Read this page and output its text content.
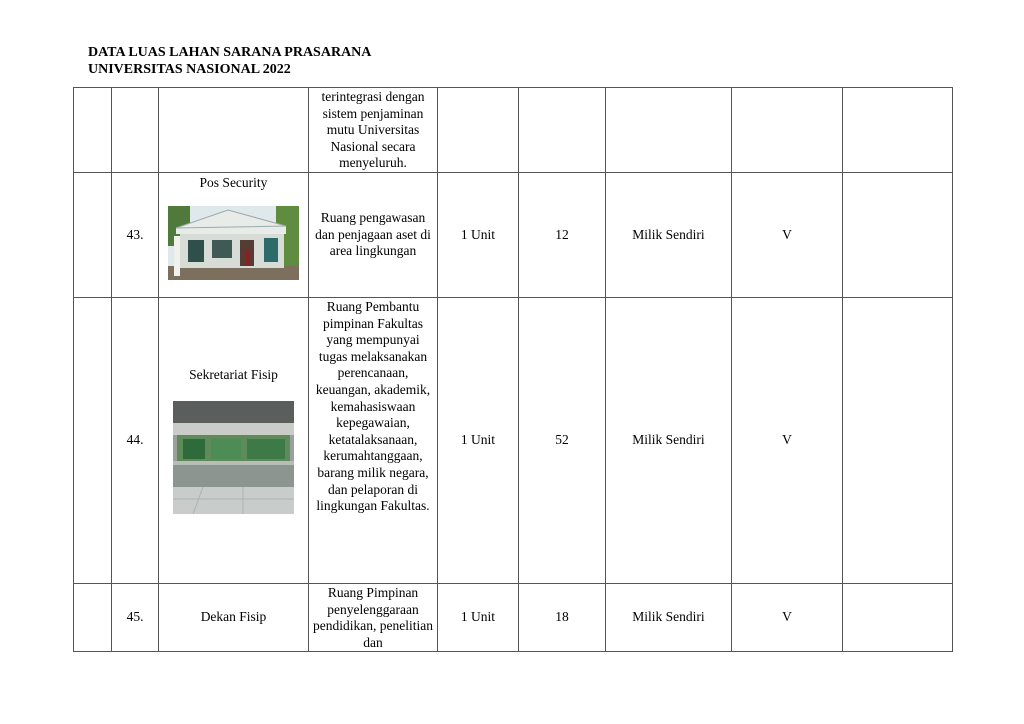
DATA LUAS LAHAN SARANA PRASARANA
UNIVERSITAS NASIONAL 2022

			terintegrasi dengan sistem penjaminan mutu Universitas Nasional secara menyeluruh.					

	43.	Pos Security	Ruang pengawasan dan penjagaan aset di area lingkungan	1 Unit	12	Milik Sendiri	V	
	44.	Sekretariat Fisip	Ruang Pembantu pimpinan Fakultas yang mempunyai tugas melaksanakan perencanaan, keuangan, akademik, kemahasiswaan kepegawaian, ketatalaksanaan, kerumahtanggaan, barang milik negara, dan pelaporan di lingkungan Fakultas.	1 Unit	52	Milik Sendiri	V	
	45.	Dekan Fisip	Ruang Pimpinan penyelenggaraan pendidikan, penelitian dan	1 Unit	18	Milik Sendiri	V	
